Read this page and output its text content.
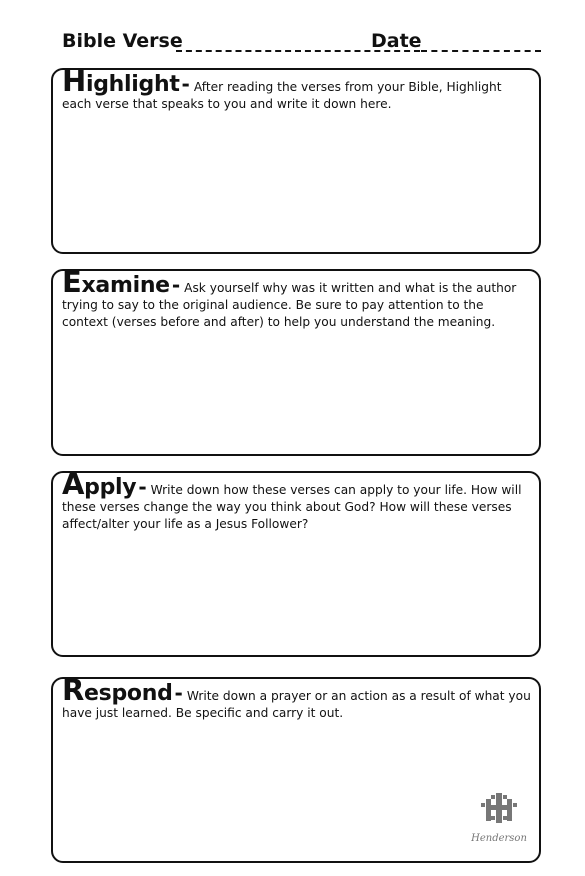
Bible Verse	Date
Highlight - After reading the verses from your Bible, Highlight each verse that speaks to you and write it down here.
Examine - Ask yourself why was it written and what is the author trying to say to the original audience. Be sure to pay attention to the context (verses before and after) to help you understand the meaning.
Apply - Write down how these verses can apply to your life. How will these verses change the way you think about God? How will these verses affect/alter your life as a Jesus Follower?
Respond - Write down a prayer or an action as a result of what you have just learned. Be specific and carry it out.
Henderson
